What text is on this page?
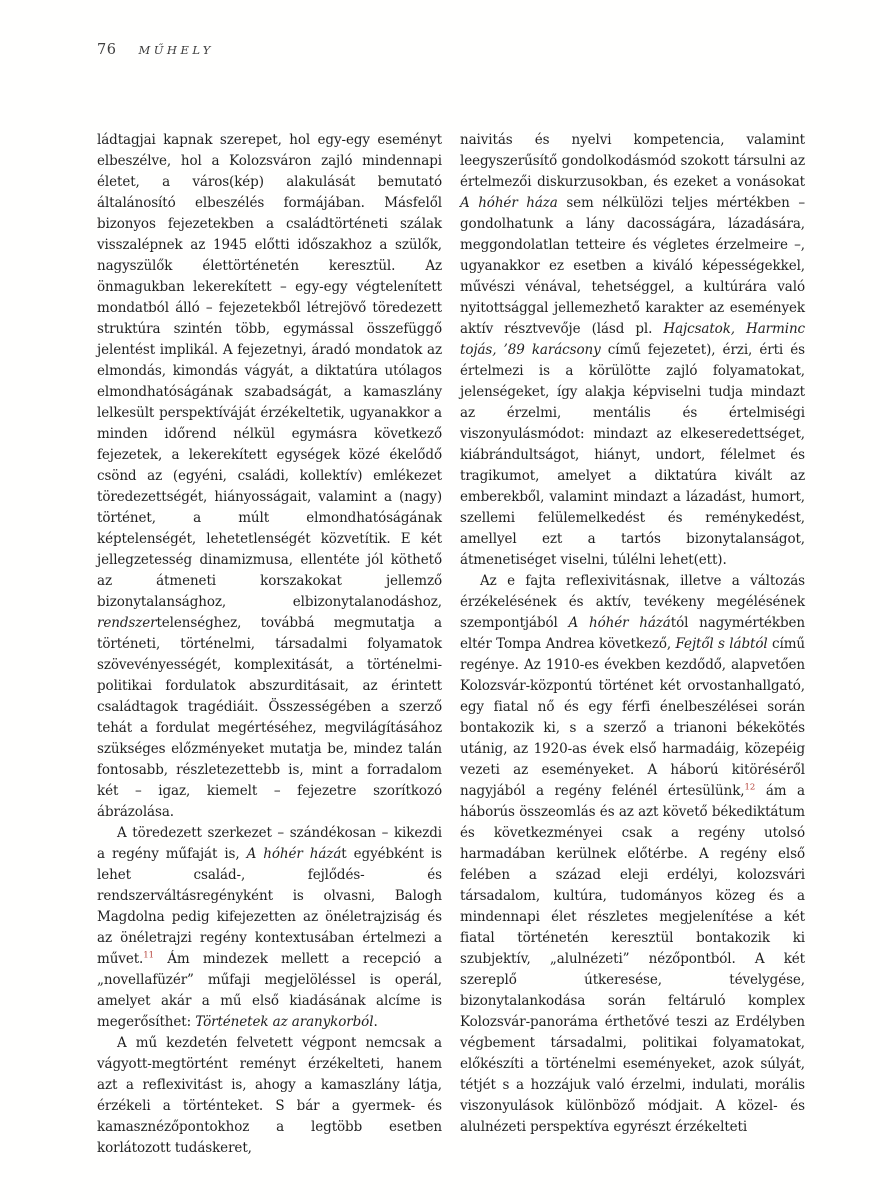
76 MŰHELY

ládtagjai kapnak szerepet, hol egy-egy eseményt elbeszélve, hol a Kolozsváron zajló mindennapi életet, a város(kép) alakulását bemutató általánosító elbeszélés formájában. Másfelől bizonyos fejezetekben a családtörténeti szálak visszalépnek az 1945 előtti időszakhoz a szülők, nagyszülők élettörténetén keresztül. Az önmagukban lekerekített – egy-egy végtelenített mondatból álló – fejezetekből létrejövő töredezett struktúra szintén több, egymással összefüggő jelentést implikál. A fejezetnyi, áradó mondatok az elmondás, kimondás vágyát, a diktatúra utólagos elmondhatóságának szabadságát, a kamaszlány lelkesült perspektíváját érzékeltetik, ugyanakkor a minden időrend nélkül egymásra következő fejezetek, a lekerekített egységek közé ékelődő csönd az (egyéni, családi, kollektív) emlékezet töredezettségét, hiányosságait, valamint a (nagy) történet, a múlt elmondhatóságának képtelenségét, lehetetlenségét közvetítik. E két jellegzetesség dinamizmusa, ellentéte jól köthető az átmeneti korszakokat jellemző bizonytalansághoz, elbizonytalanodáshoz, rendszertelenséghez, továbbá megmutatja a történeti, történelmi, társadalmi folyamatok szövevényességét, komplexitását, a történelmi-politikai fordulatok abszurditásait, az érintett családtagok tragédiáit. Összességében a szerző tehát a fordulat megértéséhez, megvilágításához szükséges előzményeket mutatja be, mindez talán fontosabb, részletezettebb is, mint a forradalom két – igaz, kiemelt – fejezetre szorítkozó ábrázolása.

A töredezett szerkezet – szándékosan – kikezdi a regény műfaját is, A hóhér házát egyébként is lehet család-, fejlődés- és rendszerváltásregényként is olvasni, Balogh Magdolna pedig kifejezetten az önéletrajziság és az önéletrajzi regény kontextusában értelmezi a művet.$^{11}$ Ám mindezek mellett a recepció a „novellafüzér” műfaji megjelöléssel is operál, amelyet akár a mű első kiadásának alcíme is megerősíthet: Történetek az aranykorból.

A mű kezdetén felvetett végpont nemcsak a vágyott-megtörtént reményt érzékelteti, hanem azt a reflexivitást is, ahogy a kamaszlány látja, érzékeli a történteket. S bár a gyermek- és kamasznézőpontokhoz a legtöbb esetben korlátozott tudáskeret,

naivitás és nyelvi kompetencia, valamint leegyszerűsítő gondolkodásmód szokott társulni az értelmezői diskurzusokban, és ezeket a vonásokat A hóhér háza sem nélkülözi teljes mértékben – gondolhatunk a lány dacosságára, lázadására, meggondolatlan tetteire és végletes érzelmeire –, ugyanakkor ez esetben a kiváló képességekkel, művészi vénával, tehetséggel, a kultúrára való nyitottsággal jellemezhető karakter az események aktív résztvevője (lásd pl. Hajcsatok, Harminc tojás, ’89 karácsony című fejezetet), érzi, érti és értelmezi is a körülötte zajló folyamatokat, jelenségeket, így alakja képviselni tudja mindazt az érzelmi, mentális és értelmiségi viszonyulásmódot: mindazt az elkeseredettséget, kiábrándultságot, hiányt, undort, félelmet és tragikumot, amelyet a diktatúra kivált az emberekből, valamint mindazt a lázadást, humort, szellemi felülemelkedést és reménykedést, amellyel ezt a tartós bizonytalanságot, átmenetiséget viselni, túlélni lehet(ett).

Az e fajta reflexivitásnak, illetve a változás érzékelésének és aktív, tevékeny megélésének szempontjából A hóhér házától nagymértékben eltér Tompa Andrea következő, Fejtől s lábtól című regénye. Az 1910-es években kezdődő, alapvetően Kolozsvár-központú történet két orvostanhallgató, egy fiatal nő és egy férfi énelbeszélései során bontakozik ki, s a szerző a trianoni békekötés utánig, az 1920-as évek első harmadáig, közepéig vezeti az eseményeket. A háború kitöréséről nagyjából a regény felénél értesülünk,$^{12}$ ám a háborús összeomlás és az azt követő békediktátum és következményei csak a regény utolsó harmadában kerülnek előtérbe. A regény első felében a század eleji erdélyi, kolozsvári társadalom, kultúra, tudományos közeg és a mindennapi élet részletes megjelenítése a két fiatal történetén keresztül bontakozik ki szubjektív, „alulnézeti” nézőpontból. A két szereplő útkeresése, tévelygése, bizonytalankodása során feltáruló komplex Kolozsvár-panoráma érthetővé teszi az Erdélyben végbement társadalmi, politikai folyamatokat, előkészíti a történelmi eseményeket, azok súlyát, tétjét s a hozzájuk való érzelmi, indulati, morális viszonyulások különböző módjait. A közel- és alulnézeti perspektíva egyrészt érzékelteti
